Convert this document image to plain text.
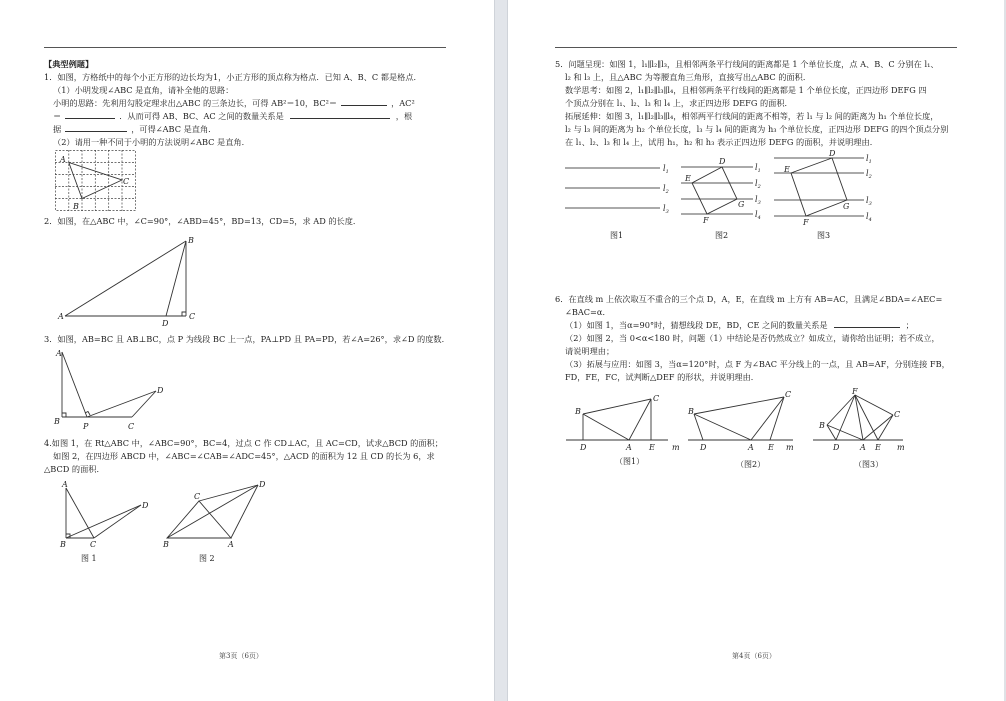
【典型例题】
1．如图，方格纸中的每个小正方形的边长均为1，小正方形的顶点称为格点．已知 A、B、C 都是格点．
（1）小明发现∠ABC 是直角，请补全他的思路：
小明的思路：先利用勾股定理求出△ABC 的三条边长，可得 AB²＝10，BC²＝	，AC²
＝	．从而可得 AB、BC、AC 之间的数量关系是	，根
据	，可得∠ABC 是直角．
（2）请用一种不同于小明的方法说明∠ABC 是直角．
A
B
C
2．如图，在△ABC 中，∠C=90°，∠ABD=45°，BD=13，CD=5，求 AD 的长度．
A
B
C
D
3．如图，AB=BC 且 AB⊥BC，点 P 为线段 BC 上一点，PA⊥PD 且 PA=PD，若∠A=26°，求∠D 的度数．
A
B
P	C
D
4.如图 1，在 Rt△ABC 中，∠ABC=90°，BC=4，过点 C 作 CD⊥AC，且 AC=CD，试求△BCD 的面积；
如图 2，在四边形 ABCD 中，∠ABC=∠CAB=∠ADC=45°，△ACD 的面积为 12 且 CD 的长为 6，求
△BCD 的面积．
A
B	C
D
C
D
B	A
图 1	图 2
第3页（6页）
5．问题呈现：如图 1，l₁∥l₂∥l₃，且相邻两条平行线间的距离都是 1 个单位长度，点 A、B、C 分别在 l₁、
l₂ 和 l₃ 上，且△ABC 为等腰直角三角形，直接写出△ABC 的面积．
数学思考：如图 2，l₁∥l₂∥l₃∥l₄，且相邻两条平行线间的距离都是 1 个单位长度，正四边形 DEFG 四
个顶点分别在 l₁、l₂、l₃ 和 l₄ 上，求正四边形 DEFG 的面积．
拓展延伸：如图 3，l₁∥l₂∥l₃∥l₄，相邻两平行线间的距离不相等，若 l₁ 与 l₂ 间的距离为 h₁ 个单位长度，
l₂ 与 l₃ 间的距离为 h₂ 个单位长度，l₃ 与 l₄ 间的距离为 h₃ 个单位长度，正四边形 DEFG 的四个顶点分别
在 l₁、l₂、l₃ 和 l₄ 上，试用 h₁，h₂ 和 h₃ 表示正四边形 DEFG 的面积，并说明理由．
$l_1$
$l_2$
$l_3$
D
E
G
F
$l_1$
$l_2$
$l_3$
$l_4$
D
E
G
F
$l_1$
$l_2$
$l_3$
$l_4$
图1	图2	图3
6．在直线 m 上依次取互不重合的三个点 D，A，E，在直线 m 上方有 AB=AC，且满足∠BDA=∠AEC=
∠BAC=α．
（1）如图 1，当α=90°时，猜想线段 DE，BD，CE 之间的数量关系是	；
（2）如图 2，当 0<α<180 时，问题（1）中结论是否仍然成立？如成立，请你给出证明；若不成立，
请说明理由；
（3）拓展与应用：如图 3，当α=120°时，点 F 为∠BAC 平分线上的一点，且 AB=AF，分别连接 FB，
FD，FE，FC，试判断△DEF 的形状，并说明理由．
B
C
D	A E m
B
C
D	A E m
F
C
B
D	A E m
（图1）	（图2）	（图3）
第4页（6页）
